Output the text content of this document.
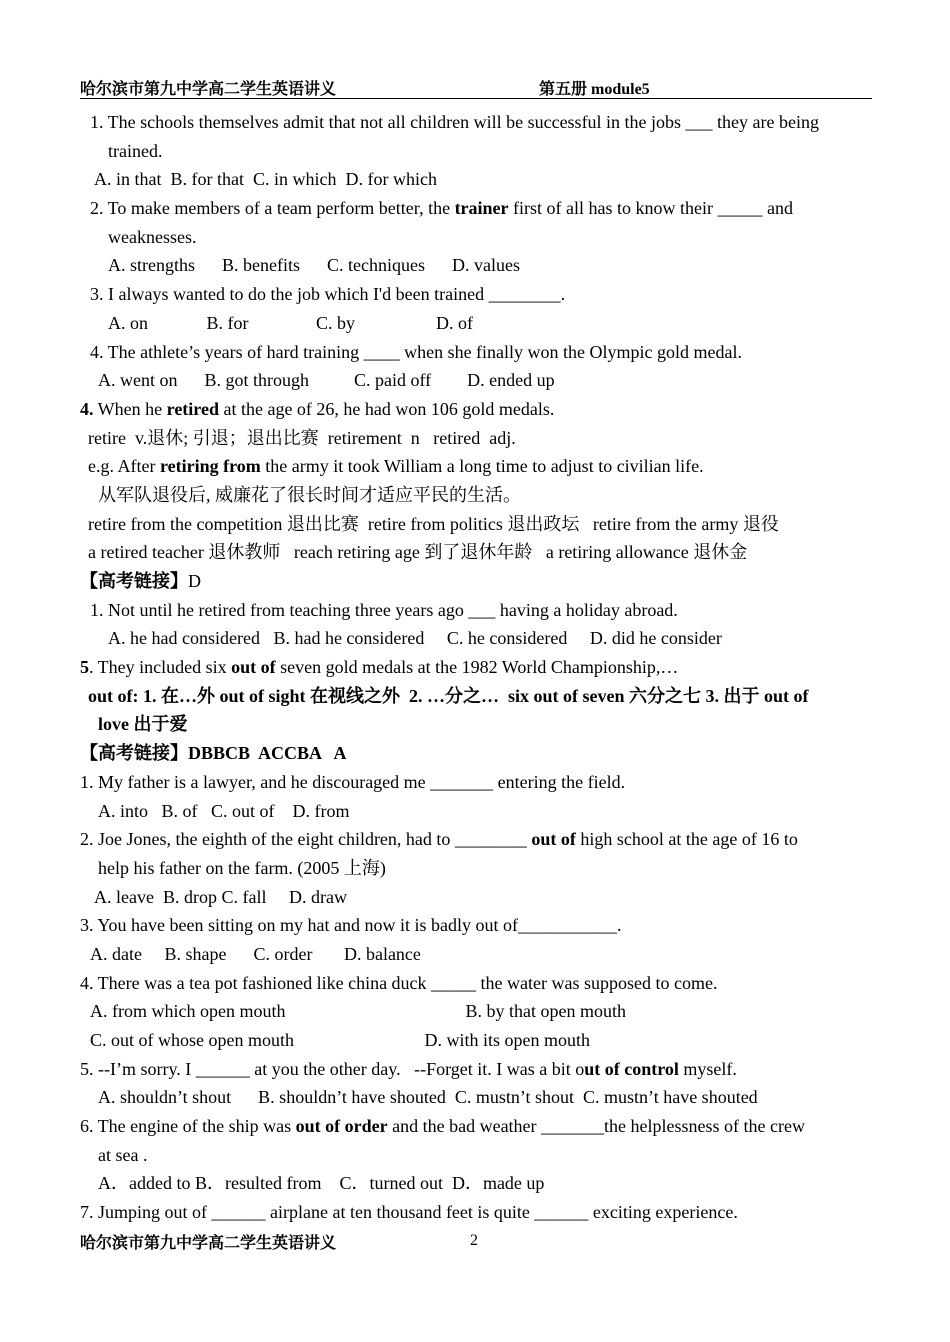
哈尔滨市第九中学高二学生英语讲义	第五册 module5
1. The schools themselves admit that not all children will be successful in the jobs ___ they are being
trained.
A. in that  B. for that  C. in which  D. for which
2. To make members of a team perform better, the trainer first of all has to know their _____ and
weaknesses.
A. strengths      B. benefits      C. techniques      D. values
3. I always wanted to do the job which I'd been trained ________.
A. on             B. for               C. by                  D. of
4. The athlete’s years of hard training ____ when she finally won the Olympic gold medal.
A. went on      B. got through          C. paid off        D. ended up
4. When he retired at the age of 26, he had won 106 gold medals.
retire  v.退休; 引退；退出比赛  retirement  n   retired  adj.
e.g. After retiring from the army it took William a long time to adjust to civilian life.
从军队退役后, 威廉花了很长时间才适应平民的生活。
retire from the competition 退出比赛  retire from politics 退出政坛   retire from the army 退役
a retired teacher 退休教师   reach retiring age 到了退休年龄   a retiring allowance 退休金
【高考链接】D
1. Not until he retired from teaching three years ago ___ having a holiday abroad.
A. he had considered   B. had he considered     C. he considered     D. did he consider
5. They included six out of seven gold medals at the 1982 World Championship,…
out of: 1. 在…外 out of sight 在视线之外  2. …分之…  six out of seven 六分之七 3. 出于 out of
love 出于爱
【高考链接】DBBCB  ACCBA   A
1. My father is a lawyer, and he discouraged me _______ entering the field.
A. into   B. of   C. out of    D. from
2. Joe Jones, the eighth of the eight children, had to ________ out of high school at the age of 16 to
help his father on the farm. (2005 上海)
A. leave  B. drop C. fall     D. draw
3. You have been sitting on my hat and now it is badly out of___________.
A. date     B. shape      C. order       D. balance
4. There was a tea pot fashioned like china duck _____ the water was supposed to come.
A. from which open mouth                                        B. by that open mouth
C. out of whose open mouth                             D. with its open mouth
5. --I’m sorry. I ______ at you the other day.   --Forget it. I was a bit out of control myself.
A. shouldn’t shout      B. shouldn’t have shouted  C. mustn’t shout  C. mustn’t have shouted
6. The engine of the ship was out of order and the bad weather _______the helplessness of the crew
at sea .
A．added to B．resulted from    C．turned out  D．made up
7. Jumping out of ______ airplane at ten thousand feet is quite ______ exciting experience.
哈尔滨市第九中学高二学生英语讲义	2
